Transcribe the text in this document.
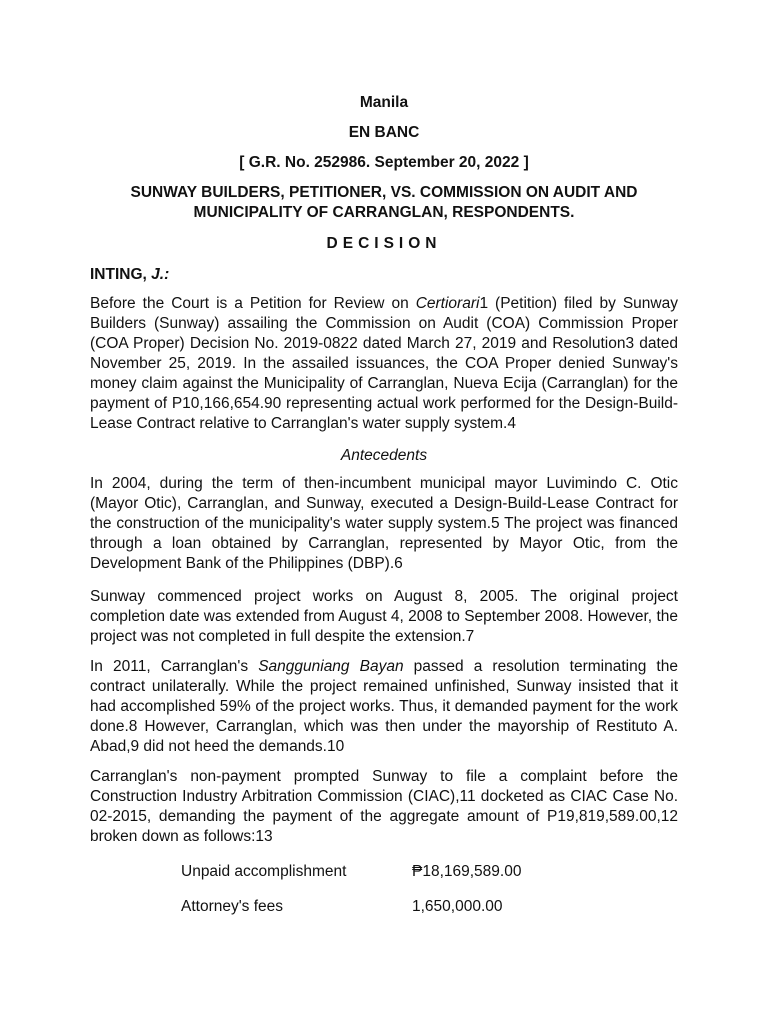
Manila

EN BANC

[ G.R. No. 252986. September 20, 2022 ]

SUNWAY BUILDERS, PETITIONER, VS. COMMISSION ON AUDIT AND MUNICIPALITY OF CARRANGLAN, RESPONDENTS.

DECISION

INTING, J.:

Before the Court is a Petition for Review on Certiorari1 (Petition) filed by Sunway Builders (Sunway) assailing the Commission on Audit (COA) Commission Proper (COA Proper) Decision No. 2019-0822 dated March 27, 2019 and Resolution3 dated November 25, 2019. In the assailed issuances, the COA Proper denied Sunway's money claim against the Municipality of Carranglan, Nueva Ecija (Carranglan) for the payment of P10,166,654.90 representing actual work performed for the Design-Build-Lease Contract relative to Carranglan's water supply system.4

Antecedents

In 2004, during the term of then-incumbent municipal mayor Luvimindo C. Otic (Mayor Otic), Carranglan, and Sunway, executed a Design-Build-Lease Contract for the construction of the municipality's water supply system.5 The project was financed through a loan obtained by Carranglan, represented by Mayor Otic, from the Development Bank of the Philippines (DBP).6

Sunway commenced project works on August 8, 2005. The original project completion date was extended from August 4, 2008 to September 2008. However, the project was not completed in full despite the extension.7

In 2011, Carranglan's Sangguniang Bayan passed a resolution terminating the contract unilaterally. While the project remained unfinished, Sunway insisted that it had accomplished 59% of the project works. Thus, it demanded payment for the work done.8 However, Carranglan, which was then under the mayorship of Restituto A. Abad,9 did not heed the demands.10

Carranglan's non-payment prompted Sunway to file a complaint before the Construction Industry Arbitration Commission (CIAC),11 docketed as CIAC Case No. 02-2015, demanding the payment of the aggregate amount of P19,819,589.00,12 broken down as follows:13

Unpaid accomplishment	₱18,169,589.00
Attorney's fees	1,650,000.00
